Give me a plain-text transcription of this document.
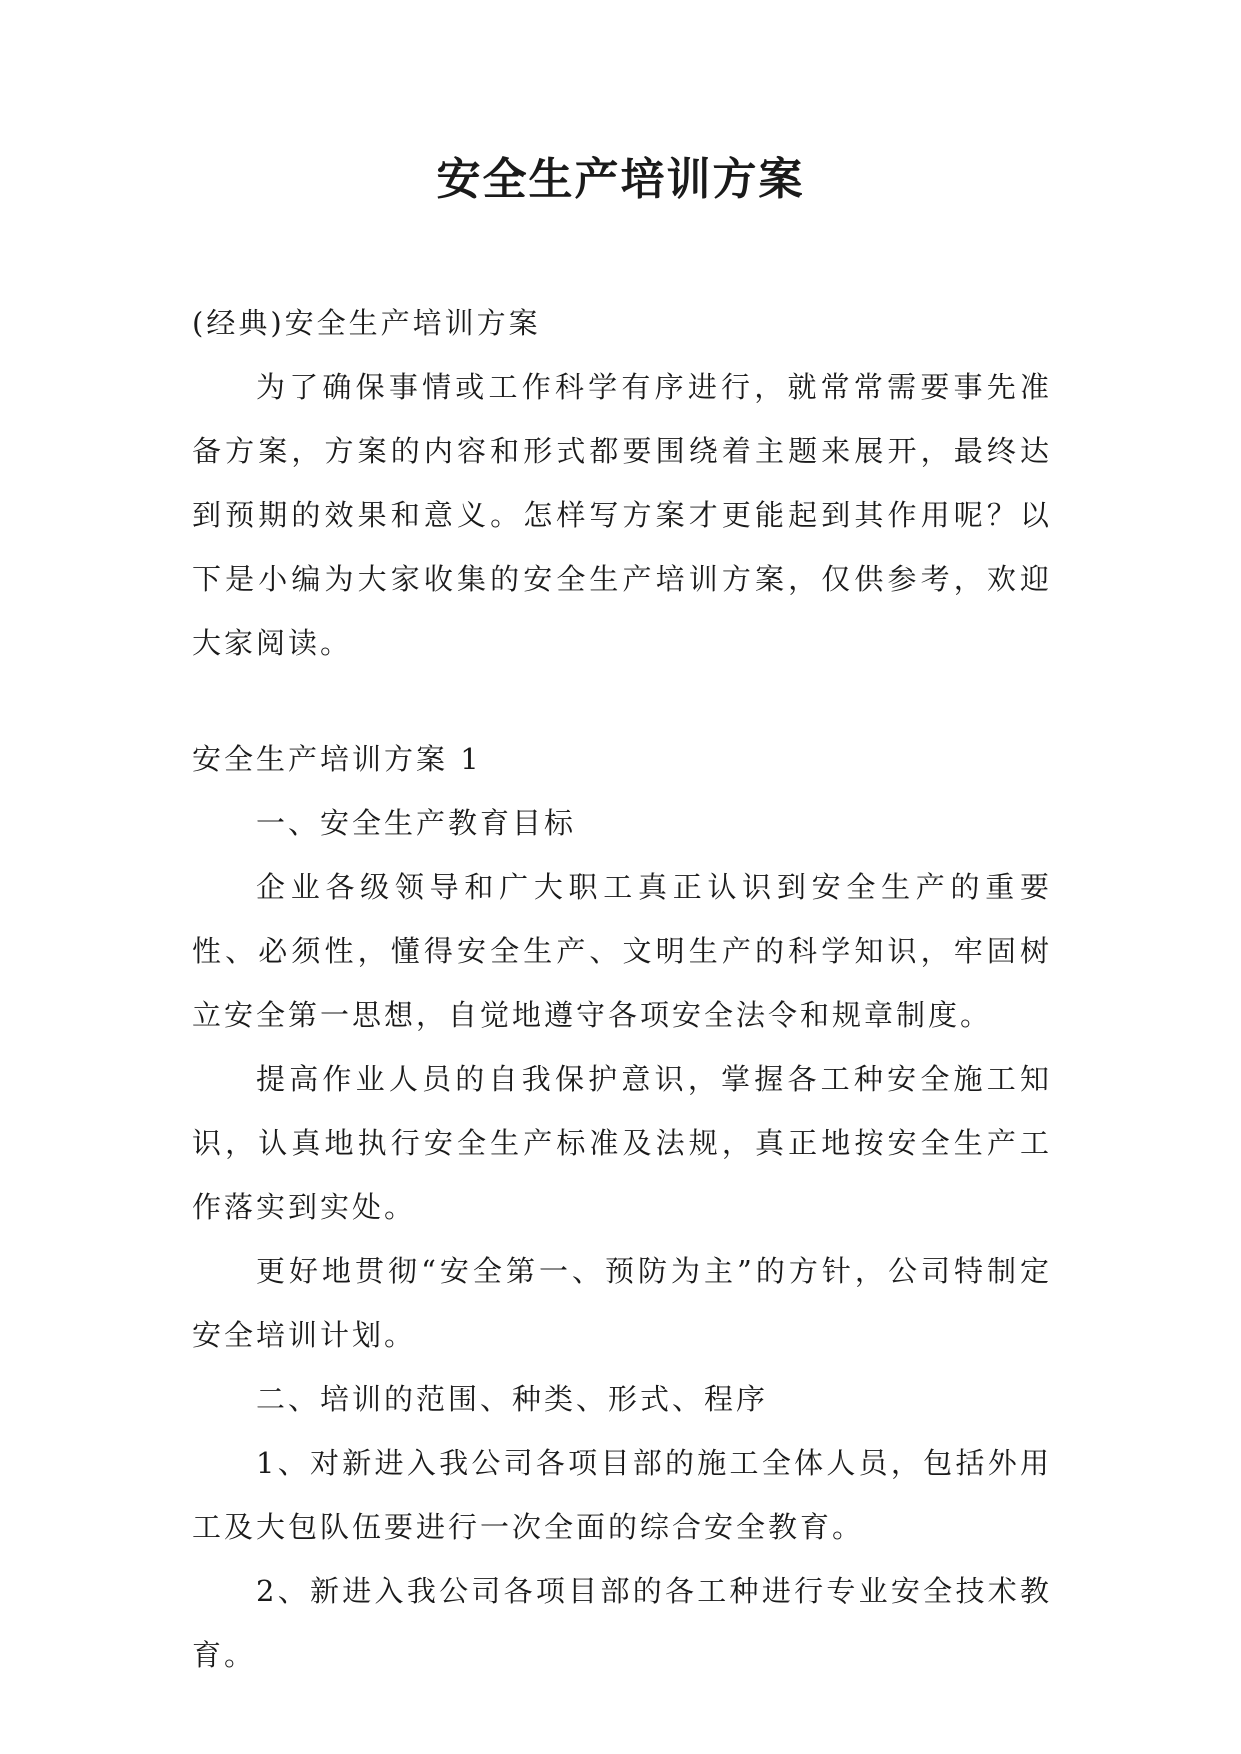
安全生产培训方案

(经典)安全生产培训方案

为了确保事情或工作科学有序进行，就常常需要事先准备方案，方案的内容和形式都要围绕着主题来展开，最终达到预期的效果和意义。怎样写方案才更能起到其作用呢？以下是小编为大家收集的安全生产培训方案，仅供参考，欢迎大家阅读。

安全生产培训方案 1

一、安全生产教育目标

企业各级领导和广大职工真正认识到安全生产的重要性、必须性，懂得安全生产、文明生产的科学知识，牢固树立安全第一思想，自觉地遵守各项安全法令和规章制度。

提高作业人员的自我保护意识，掌握各工种安全施工知识，认真地执行安全生产标准及法规，真正地按安全生产工作落实到实处。

更好地贯彻“安全第一、预防为主”的方针，公司特制定安全培训计划。

二、培训的范围、种类、形式、程序

1、对新进入我公司各项目部的施工全体人员，包括外用工及大包队伍要进行一次全面的综合安全教育。

2、新进入我公司各项目部的各工种进行专业安全技术教育。
